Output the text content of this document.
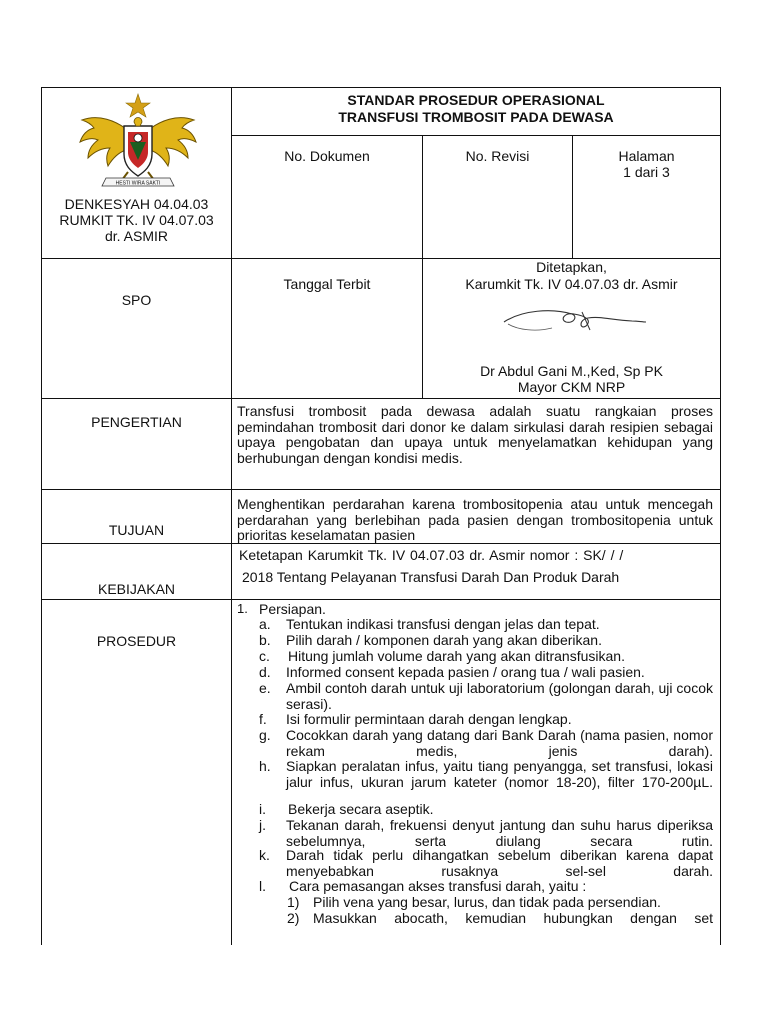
HESTI WIRA SAKTI
STANDAR PROSEDUR OPERASIONAL
TRANSFUSI TROMBOSIT PADA DEWASA
DENKESYAH 04.04.03
RUMKIT TK. IV 04.07.03
dr. ASMIR
No. Dokumen	No. Revisi	Halaman
1 dari 3
SPO
Tanggal Terbit
Ditetapkan,
Karumkit Tk. IV 04.07.03 dr. Asmir
Dr Abdul Gani M.,Ked, Sp PK
Mayor CKM NRP
PENGERTIAN
Transfusi trombosit pada dewasa adalah suatu rangkaian proses pemindahan trombosit dari donor ke dalam sirkulasi darah resipien sebagai upaya pengobatan dan upaya untuk menyelamatkan kehidupan yang berhubungan dengan kondisi medis.
TUJUAN
Menghentikan perdarahan karena trombositopenia atau untuk mencegah perdarahan yang berlebihan pada pasien dengan trombositopenia untuk prioritas keselamatan pasien
KEBIJAKAN
Ketetapan Karumkit Tk. IV 04.07.03 dr. Asmir nomor : SK/ / /
2018 Tentang Pelayanan Transfusi Darah Dan Produk Darah
PROSEDUR
1. Persiapan.
a. Tentukan indikasi transfusi dengan jelas dan tepat.
b. Pilih darah / komponen darah yang akan diberikan.
c. Hitung jumlah volume darah yang akan ditransfusikan.
d. Informed consent kepada pasien / orang tua / wali pasien.
e. Ambil contoh darah untuk uji laboratorium (golongan darah, uji cocok serasi).
f. Isi formulir permintaan darah dengan lengkap.
g. Cocokkan darah yang datang dari Bank Darah (nama pasien, nomor rekam medis, jenis darah).
h. Siapkan peralatan infus, yaitu tiang penyangga, set transfusi, lokasi jalur infus, ukuran jarum kateter (nomor 18-20), filter 170-200µL.
i. Bekerja secara aseptik.
j. Tekanan darah, frekuensi denyut jantung dan suhu harus diperiksa sebelumnya, serta diulang secara rutin.
k. Darah tidak perlu dihangatkan sebelum diberikan karena dapat menyebabkan rusaknya sel-sel darah.
l. Cara pemasangan akses transfusi darah, yaitu :
1) Pilih vena yang besar, lurus, dan tidak pada persendian.
2) Masukkan abocath, kemudian hubungkan dengan set
